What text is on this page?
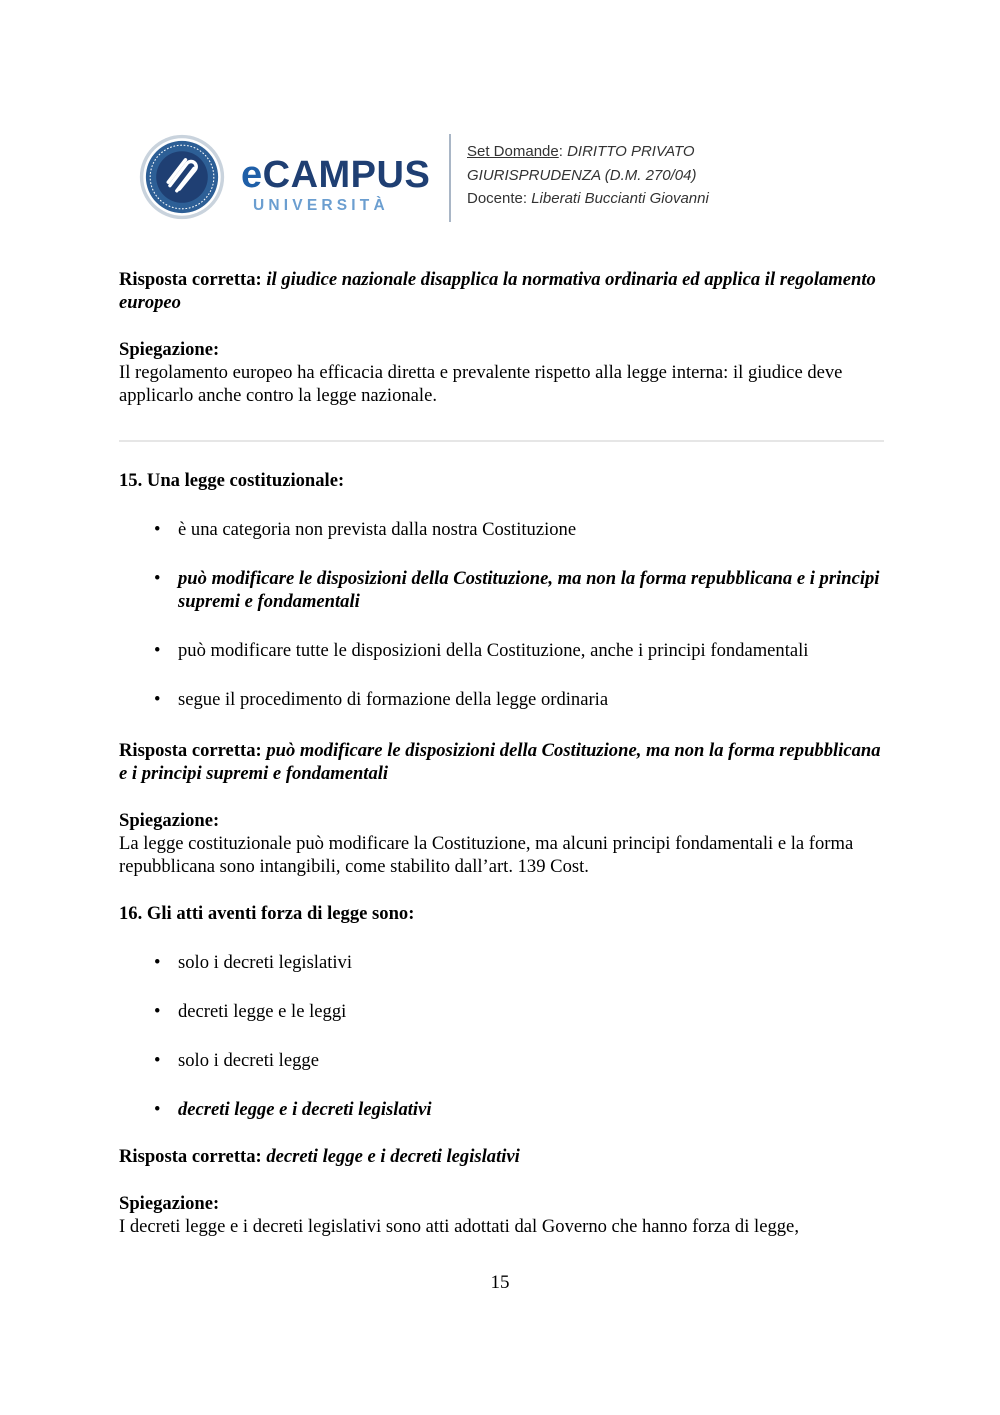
eCAMPUS
UNIVERSITÀ
Set Domande: DIRITTO PRIVATO
GIURISPRUDENZA (D.M. 270/04)
Docente: Liberati Buccianti Giovanni

Risposta corretta: il giudice nazionale disapplica la normativa ordinaria ed applica il regolamento europeo

Spiegazione:

Il regolamento europeo ha efficacia diretta e prevalente rispetto alla legge interna: il giudice deve applicarlo anche contro la legge nazionale.

15. Una legge costituzionale:

• è una categoria non prevista dalla nostra Costituzione
• può modificare le disposizioni della Costituzione, ma non la forma repubblicana e i principi supremi e fondamentali
• può modificare tutte le disposizioni della Costituzione, anche i principi fondamentali
• segue il procedimento di formazione della legge ordinaria

Risposta corretta: può modificare le disposizioni della Costituzione, ma non la forma repubblicana e i principi supremi e fondamentali

Spiegazione:

La legge costituzionale può modificare la Costituzione, ma alcuni principi fondamentali e la forma repubblicana sono intangibili, come stabilito dall’art. 139 Cost.

16. Gli atti aventi forza di legge sono:

• solo i decreti legislativi
• decreti legge e le leggi
• solo i decreti legge
• decreti legge e i decreti legislativi

Risposta corretta: decreti legge e i decreti legislativi

Spiegazione:

I decreti legge e i decreti legislativi sono atti adottati dal Governo che hanno forza di legge,

15
